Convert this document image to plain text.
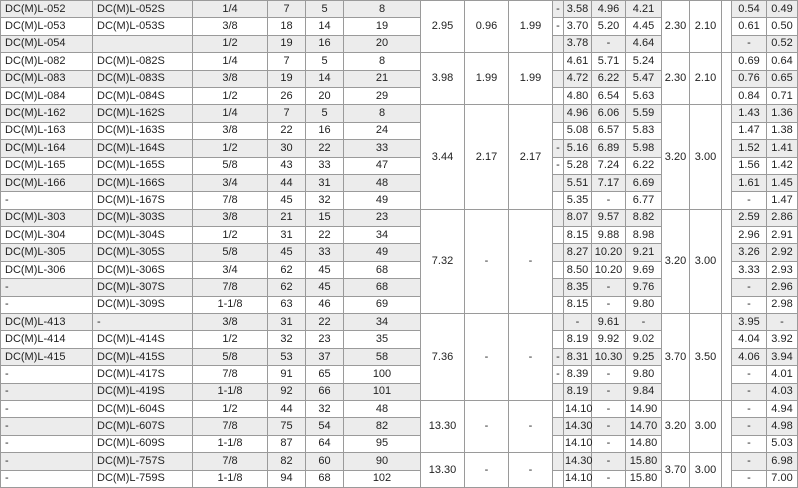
DC(M)L-052	DC(M)L-052S	1/4	7	5	8	2.95	0.96	1.99	-	3.58	4.96	4.21	2.30	2.10		0.54	0.49
DC(M)L-053	DC(M)L-053S	3/8	18	14	19				-	3.70	5.20	4.45				0.61	0.50
DC(M)L-054		1/2	19	16	20					3.78	-	4.64				-	0.52
DC(M)L-082	DC(M)L-082S	1/4	7	5	8	3.98	1.99	1.99		4.61	5.71	5.24	2.30	2.10		0.69	0.64
DC(M)L-083	DC(M)L-083S	3/8	19	14	21					4.72	6.22	5.47				0.76	0.65
DC(M)L-084	DC(M)L-084S	1/2	26	20	29					4.80	6.54	5.63				0.84	0.71
DC(M)L-162	DC(M)L-162S	1/4	7	5	8	3.44	2.17	2.17		4.96	6.06	5.59	3.20	3.00		1.43	1.36
DC(M)L-163	DC(M)L-163S	3/8	22	16	24					5.08	6.57	5.83				1.47	1.38
DC(M)L-164	DC(M)L-164S	1/2	30	22	33				-	5.16	6.89	5.98				1.52	1.41
DC(M)L-165	DC(M)L-165S	5/8	43	33	47				-	5.28	7.24	6.22				1.56	1.42
DC(M)L-166	DC(M)L-166S	3/4	44	31	48					5.51	7.17	6.69				1.61	1.45
-	DC(M)L-167S	7/8	45	32	49					5.35	-	6.77				-	1.47
DC(M)L-303	DC(M)L-303S	3/8	21	15	23	7.32	-	-		8.07	9.57	8.82	3.20	3.00		2.59	2.86
DC(M)L-304	DC(M)L-304S	1/2	31	22	34					8.15	9.88	8.98				2.96	2.91
DC(M)L-305	DC(M)L-305S	5/8	45	33	49					8.27	10.20	9.21				3.26	2.92
DC(M)L-306	DC(M)L-306S	3/4	62	45	68					8.50	10.20	9.69				3.33	2.93
-	DC(M)L-307S	7/8	62	45	68					8.35	-	9.76				-	2.96
-	DC(M)L-309S	1-1/8	63	46	69					8.15	-	9.80				-	2.98
DC(M)L-413	-	3/8	31	22	34	7.36	-	-		-	9.61	-	3.70	3.50		3.95	-
DC(M)L-414	DC(M)L-414S	1/2	32	23	35					8.19	9.92	9.02				4.04	3.92
DC(M)L-415	DC(M)L-415S	5/8	53	37	58				-	8.31	10.30	9.25				4.06	3.94
-	DC(M)L-417S	7/8	91	65	100				-	8.39	-	9.80				-	4.01
-	DC(M)L-419S	1-1/8	92	66	101					8.19	-	9.84				-	4.03
-	DC(M)L-604S	1/2	44	32	48	13.30	-	-		14.10	-	14.90	3.20	3.00		-	4.94
-	DC(M)L-607S	7/8	75	54	82					14.30	-	14.70				-	4.98
-	DC(M)L-609S	1-1/8	87	64	95					14.10	-	14.80				-	5.03
-	DC(M)L-757S	7/8	82	60	90	13.30	-	-		14.30	-	15.80	3.70	3.00		-	6.98
-	DC(M)L-759S	1-1/8	94	68	102					14.10	-	15.80				-	7.00
